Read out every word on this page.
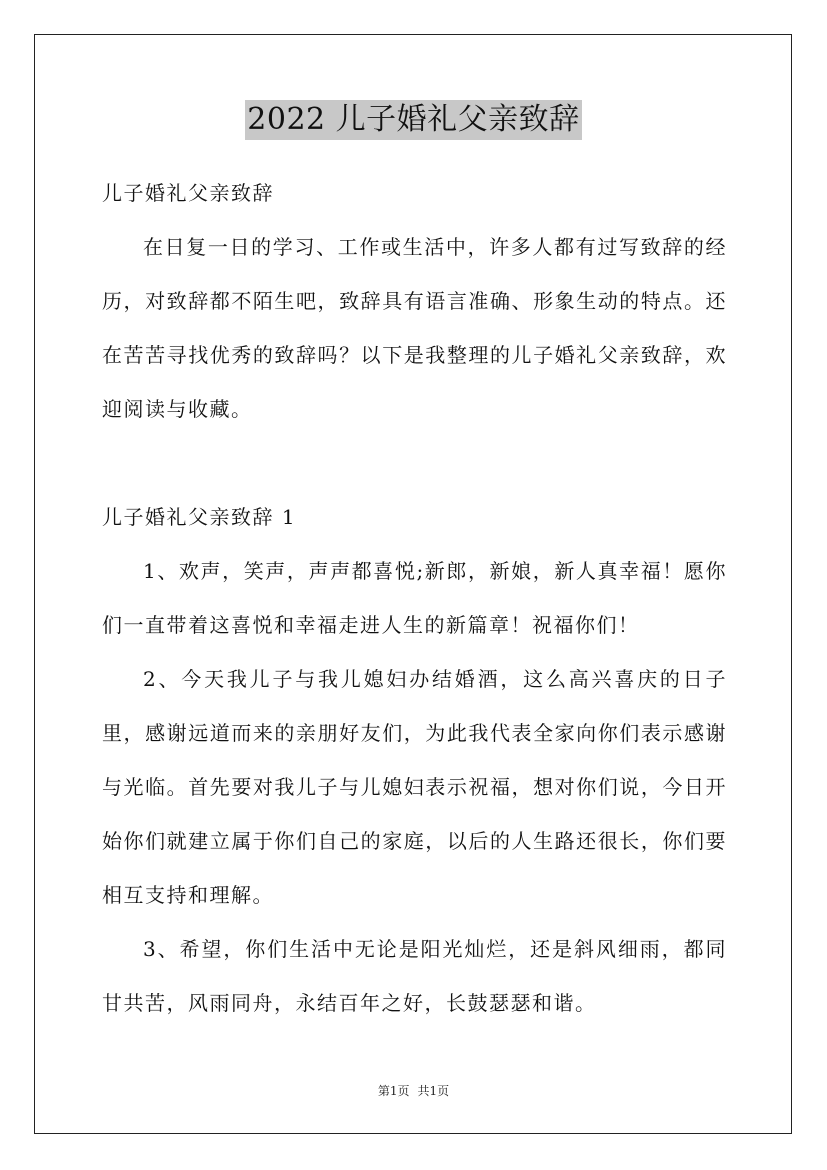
2022 儿子婚礼父亲致辞

儿子婚礼父亲致辞

在日复一日的学习、工作或生活中，许多人都有过写致辞的经历，对致辞都不陌生吧，致辞具有语言准确、形象生动的特点。还在苦苦寻找优秀的致辞吗？以下是我整理的儿子婚礼父亲致辞，欢迎阅读与收藏。

儿子婚礼父亲致辞 1

1、欢声，笑声，声声都喜悦;新郎，新娘，新人真幸福！愿你们一直带着这喜悦和幸福走进人生的新篇章！祝福你们！

2、今天我儿子与我儿媳妇办结婚酒，这么高兴喜庆的日子里，感谢远道而来的亲朋好友们，为此我代表全家向你们表示感谢与光临。首先要对我儿子与儿媳妇表示祝福，想对你们说，今日开始你们就建立属于你们自己的家庭，以后的人生路还很长，你们要相互支持和理解。

3、希望，你们生活中无论是阳光灿烂，还是斜风细雨，都同甘共苦，风雨同舟，永结百年之好，长鼓瑟瑟和谐。

第1页 共1页
